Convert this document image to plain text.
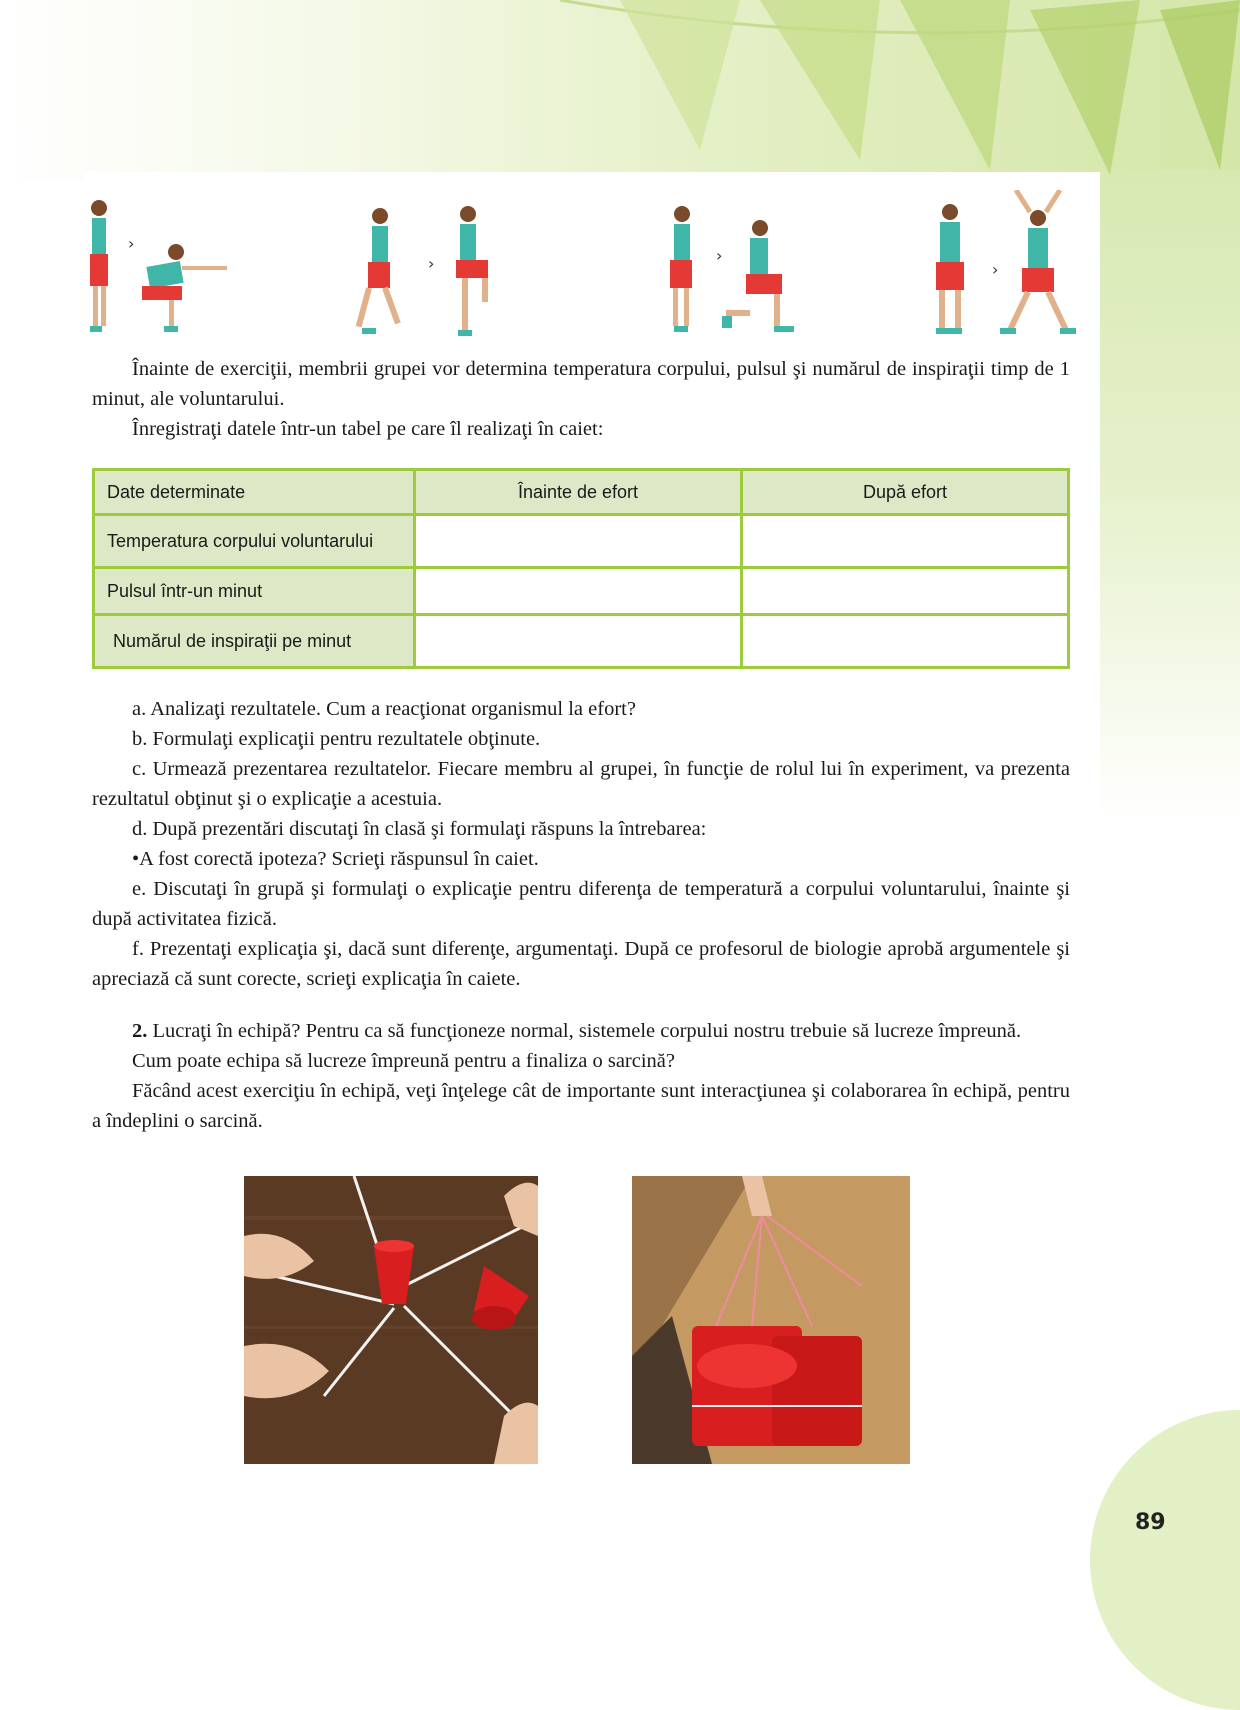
›
›	›
›

Înainte de exerciţii, membrii grupei vor determina temperatura corpului, pulsul şi numărul de inspiraţii timp de 1 minut, ale voluntarului.

Înregistraţi datele într-un tabel pe care îl realizaţi în caiet:

Date determinate	Înainte de efort	După efort
Temperatura corpului voluntarului		
Pulsul într-un minut		
Numărul de inspiraţii pe minut		

a. Analizaţi rezultatele. Cum a reacţionat organismul la efort?

b. Formulaţi explicaţii pentru rezultatele obţinute.

c. Urmează prezentarea rezultatelor. Fiecare membru al grupei, în funcţie de rolul lui în experiment, va prezenta rezultatul obţinut şi o explicaţie a acestuia.

d. După prezentări discutaţi în clasă şi formulaţi răspuns la întrebarea:

•A fost corectă ipoteza? Scrieţi răspunsul în caiet.

e. Discutaţi în grupă şi formulaţi o explicaţie pentru diferenţa de temperatură a corpului voluntarului, înainte şi după activitatea fizică.

f. Prezentaţi explicaţia şi, dacă sunt diferenţe, argumentaţi. După ce profesorul de biologie aprobă argumentele şi apreciază că sunt corecte, scrieţi explicaţia în caiete.

2. Lucraţi în echipă? Pentru ca să funcţioneze normal, sistemele corpului nostru trebuie să lucreze împreună.

Cum poate echipa să lucreze împreună pentru a finaliza o sarcină?

Făcând acest exerciţiu în echipă, veţi înţelege cât de importante sunt interacţiunea şi colaborarea în echipă, pentru a îndeplini o sarcină.

89
